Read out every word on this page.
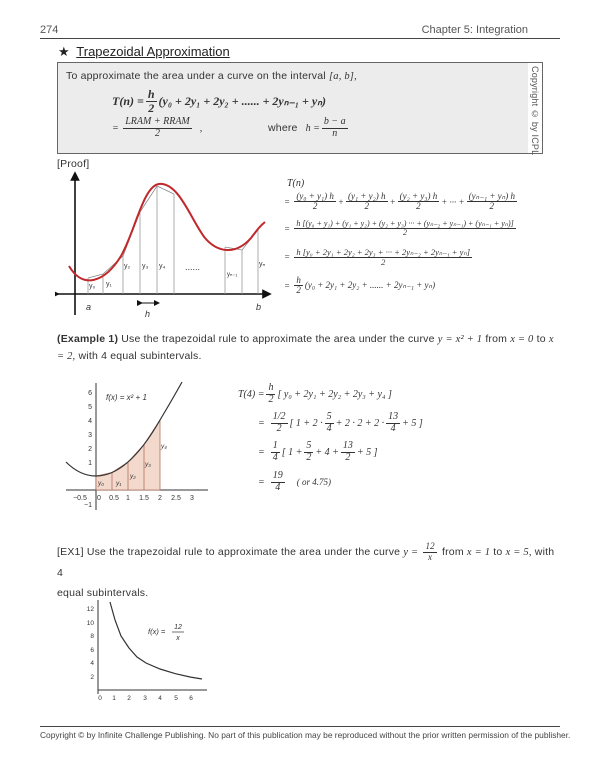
274	Chapter 5: Integration
★ Trapezoidal Approximation
Copyright © by ICPL
To approximate the area under a curve on the interval [a, b],
$T(n) = \frac{h}{2} (y_0 + 2y_1 + 2y_2$ + ...... + 2yₙ₋₁ + yₙ)
= $\frac{\text{LRAM + RRAM}}{2}$ ,	where $h = \frac{b - a}{n}$
[Proof]
y₀ y₁
y₂ y₃ y₄ ......
yₙ₋₁
yₙ
a	b
h
T(n)
= $\frac{\text{(y₀ + y₁) h}}{2} + \frac{\text{(y₁ + y₂) h}}{2} + \frac{\text{(y₂ + y₃) h}}{2}$ + ··· + $\frac{\text{(yₙ₋₁ + yₙ) h}}{2}$
=
h [(y₀ + y₁) + (y₁ + y₂) + (y₂ + y₃) ··· + (yₙ₋₂ + yₙ₋₁) + (yₙ₋₁ + yₙ)]
2
= $\frac{\text{h [y₀ + 2y₁ + 2y₂ + 2y₃ + ··· + 2yₙ₋₂ + 2yₙ₋₁ + yₙ]}}{2}$
= $\frac{h}{2} (y_0 + 2y_1 + 2y_2$ + ...... + 2yₙ₋₁ + yₙ)
(Example 1) Use the trapezoidal rule to approximate the area under the curve y = x² + 1 from x = 0 to x = 2, with 4 equal subintervals.
6
5
4
3
2
1
−1
−0.5 0 0.5 1 1.5 2 2.5 3
f(x) = x² + 1
y₀ y₁
y₂
y₃
y₄
$T(4) = \frac{h}{2}$ [ y₀ + 2y₁ + 2y₂ + 2y₃ + y₄ ]
= $\frac{1/2}{2}$ [ $1 + 2 \cdot \frac{5}{4} + 2 \cdot 2 + 2 \cdot \frac{13}{4} + 5$ ]
= $\frac{1}{4}$ [ $1 + \frac{5}{2} + 4 + \frac{13}{2} + 5$ ]
= $\frac{19}{4}$ ( or 4.75)
[EX1] Use the trapezoidal rule to approximate the area under the curve $y = \frac{12}{x}$ from x = 1 to x = 5, with 4
equal subintervals.
12
10
8
6
4
2
0 1 2 3 4 5 6
f(x) = 12
x
Copyright © by Infinite Challenge Publishing. No part of this publication may be reproduced without the prior written permission of the publisher.
